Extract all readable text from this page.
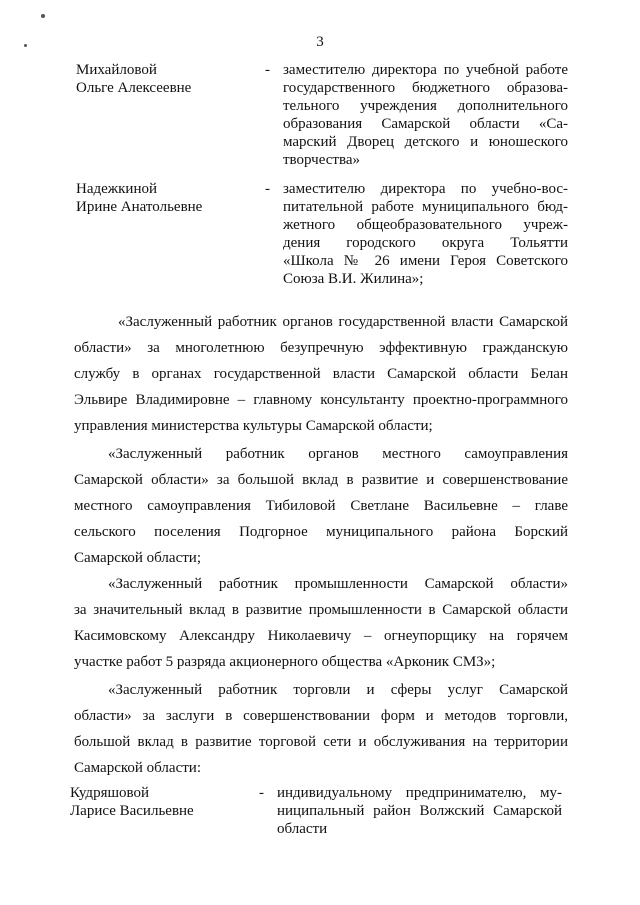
3
Михайловой
Ольге Алексеевне
- заместителю директора по учебной работе
государственного бюджетного образова-
тельного учреждения дополнительного
образования Самарской области «Са-
марский Дворец детского и юношеского
творчества»
Надежкиной
Ирине Анатольевне
- заместителю директора по учебно-вос-
питательной работе муниципального бюд-
жетного общеобразовательного учреж-
дения городского округа Тольятти
«Школа № 26 имени Героя Советского
Союза В.И. Жилина»;
«Заслуженный работник органов государственной власти Самарской
области» за многолетнюю безупречную эффективную гражданскую
службу в органах государственной власти Самарской области Белан
Эльвире Владимировне – главному консультанту проектно-программного
управления министерства культуры Самарской области;
«Заслуженный работник органов местного самоуправления
Самарской области» за большой вклад в развитие и совершенствование
местного самоуправления Тибиловой Светлане Васильевне – главе
сельского поселения Подгорное муниципального района Борский
Самарской области;
«Заслуженный работник промышленности Самарской области»
за значительный вклад в развитие промышленности в Самарской области
Касимовскому Александру Николаевичу – огнеупорщику на горячем
участке работ 5 разряда акционерного общества «Арконик СМЗ»;
«Заслуженный работник торговли и сферы услуг Самарской
области» за заслуги в совершенствовании форм и методов торговли,
большой вклад в развитие торговой сети и обслуживания на территории
Самарской области:
Кудряшовой
Ларисе Васильевне
- индивидуальному предпринимателю, му-
ниципальный район Волжский Самарской
области
